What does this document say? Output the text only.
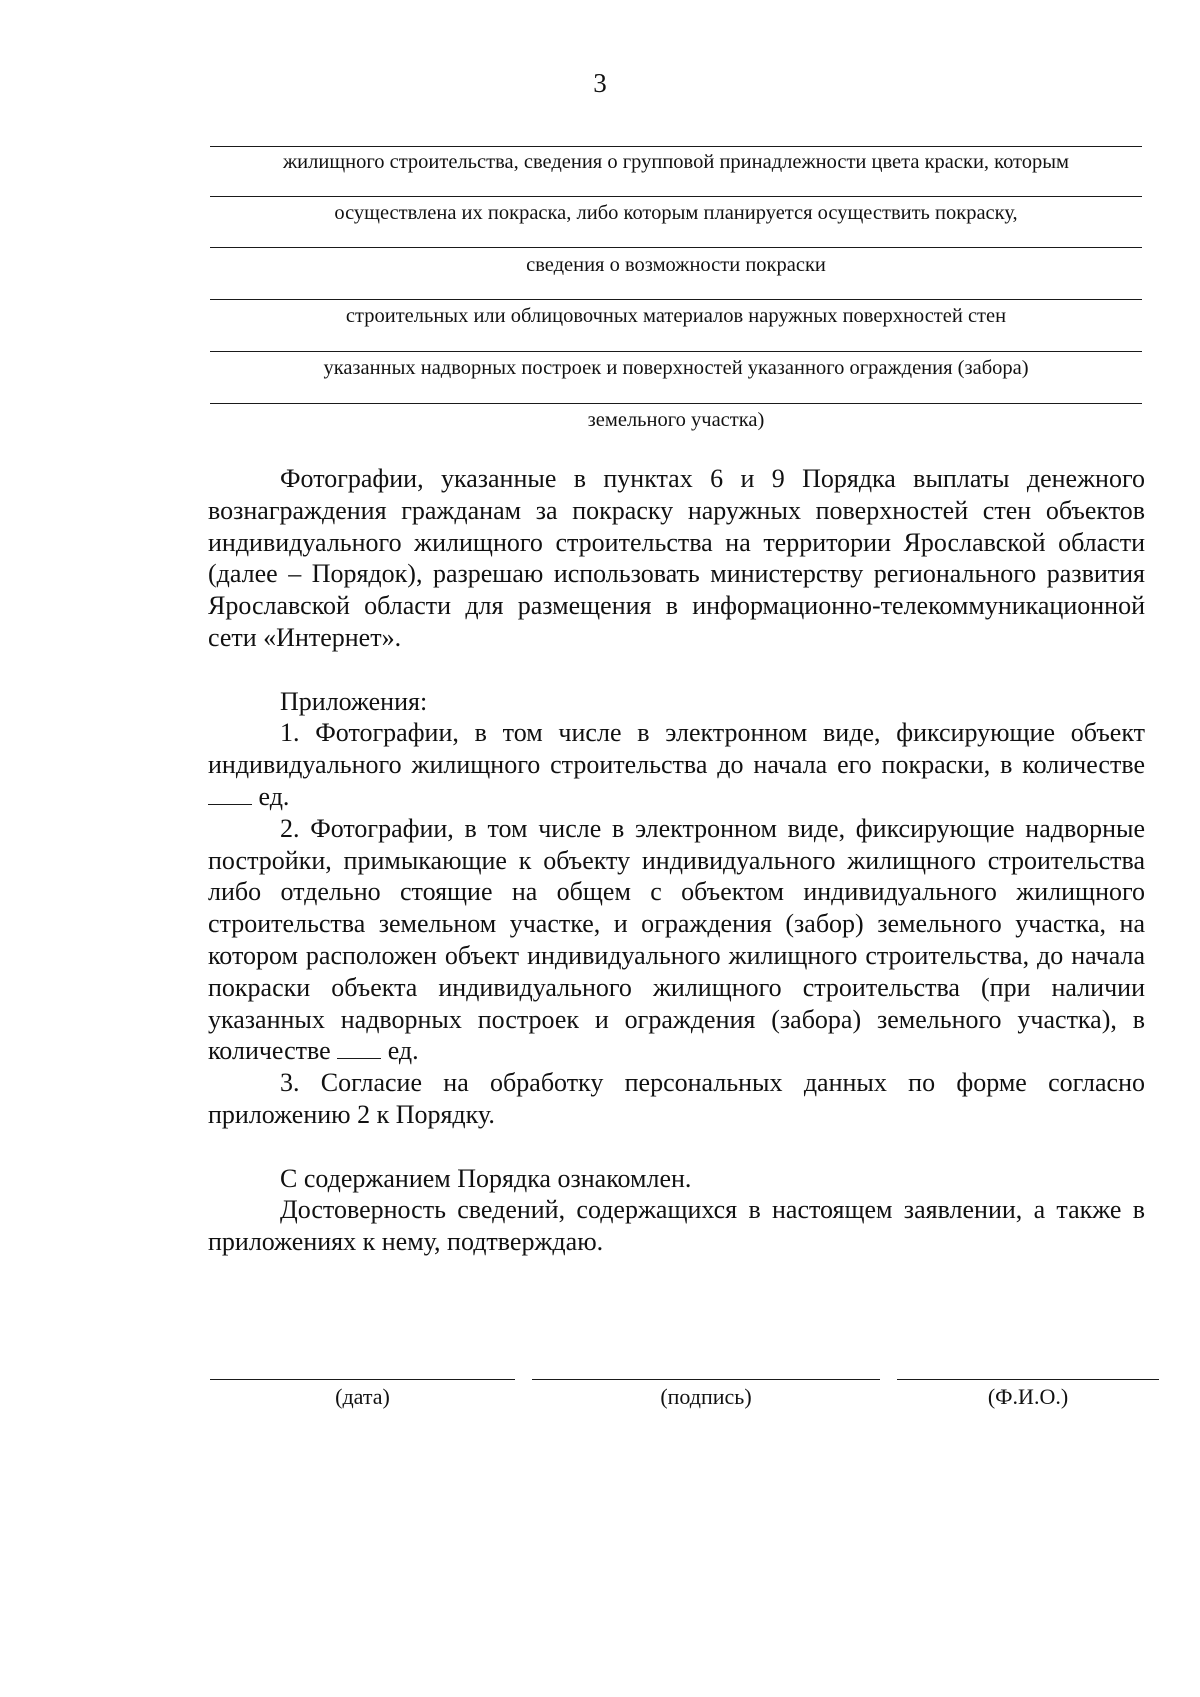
3
жилищного строительства, сведения о групповой принадлежности цвета краски, которым
осуществлена их покраска, либо которым планируется осуществить покраску,
сведения о возможности покраски
строительных или облицовочных материалов наружных поверхностей стен
указанных надворных построек и поверхностей указанного ограждения (забора)
земельного участка)

Фотографии, указанные в пунктах 6 и 9 Порядка выплаты денежного вознаграждения гражданам за покраску наружных поверхностей стен объектов индивидуального жилищного строительства на территории Ярославской области (далее – Порядок), разрешаю использовать министерству регионального развития Ярославской области для размещения в информационно-телекоммуникационной сети «Интернет».

Приложения:

1. Фотографии, в том числе в электронном виде, фиксирующие объект индивидуального жилищного строительства до начала его покраски, в количестве  ед.

2. Фотографии, в том числе в электронном виде, фиксирующие надворные постройки, примыкающие к объекту индивидуального жилищного строительства либо отдельно стоящие на общем с объектом индивидуального жилищного строительства земельном участке, и ограждения (забор) земельного участка, на котором расположен объект индивидуального жилищного строительства, до начала покраски объекта индивидуального жилищного строительства (при наличии указанных надворных построек и ограждения (забора) земельного участка), в количестве  ед.

3. Согласие на обработку персональных данных по форме согласно приложению 2 к Порядку.

С содержанием Порядка ознакомлен.

Достоверность сведений, содержащихся в настоящем заявлении, а также в приложениях к нему, подтверждаю.

(дата)	(подпись)	(Ф.И.О.)
